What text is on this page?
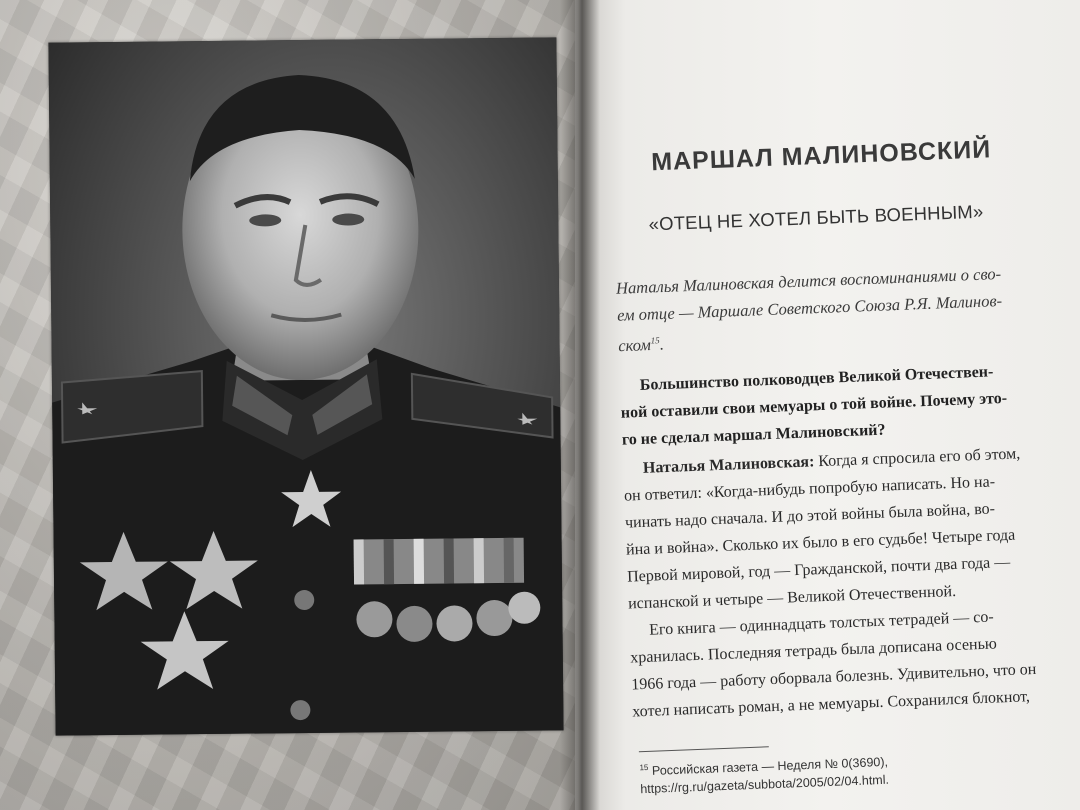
МАРШАЛ МАЛИНОВСКИЙ
«ОТЕЦ НЕ ХОТЕЛ БЫТЬ ВОЕННЫМ»
Наталья Малиновская делится воспоминаниями о сво-
ем отце — Маршале Советского Союза Р.Я. Малинов-
ском$^{15}$.
Большинство полководцев Великой Отечествен-
ной оставили свои мемуары о той войне. Почему это-
го не сделал маршал Малиновский?

Наталья Малиновская: Когда я спросила его об этом,
он ответил: «Когда-нибудь попробую написать. Но на-
чинать надо сначала. И до этой войны была война, во-
йна и война». Сколько их было в его судьбе! Четыре года
Первой мировой, год — Гражданской, почти два года —
испанской и четыре — Великой Отечественной.

Его книга — одиннадцать толстых тетрадей — со-
хранилась. Последняя тетрадь была дописана осенью
1966 года — работу оборвала болезнь. Удивительно, что он
хотел написать роман, а не мемуары. Сохранился блокнот,

$^{15}$ Российская газета — Неделя № 0(3690),
https://rg.ru/gazeta/subbota/2005/02/04.html.
